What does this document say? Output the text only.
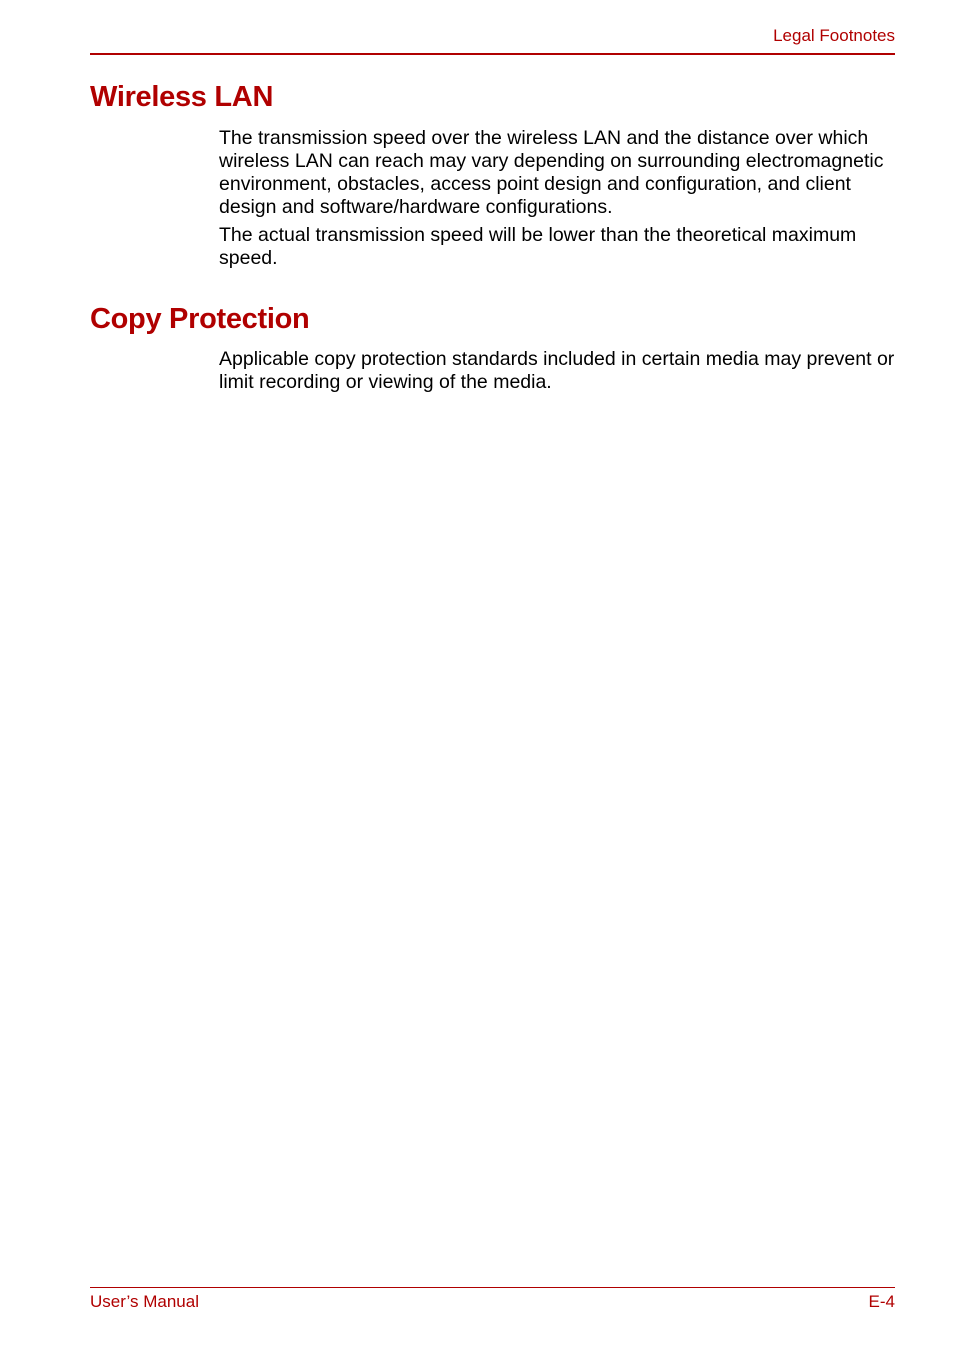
Legal Footnotes
Wireless LAN

The transmission speed over the wireless LAN and the distance over which wireless LAN can reach may vary depending on surrounding electromagnetic environment, obstacles, access point design and configuration, and client design and software/hardware configurations.

The actual transmission speed will be lower than the theoretical maximum speed.

Copy Protection

Applicable copy protection standards included in certain media may prevent or limit recording or viewing of the media.

User’s Manual	E-4
